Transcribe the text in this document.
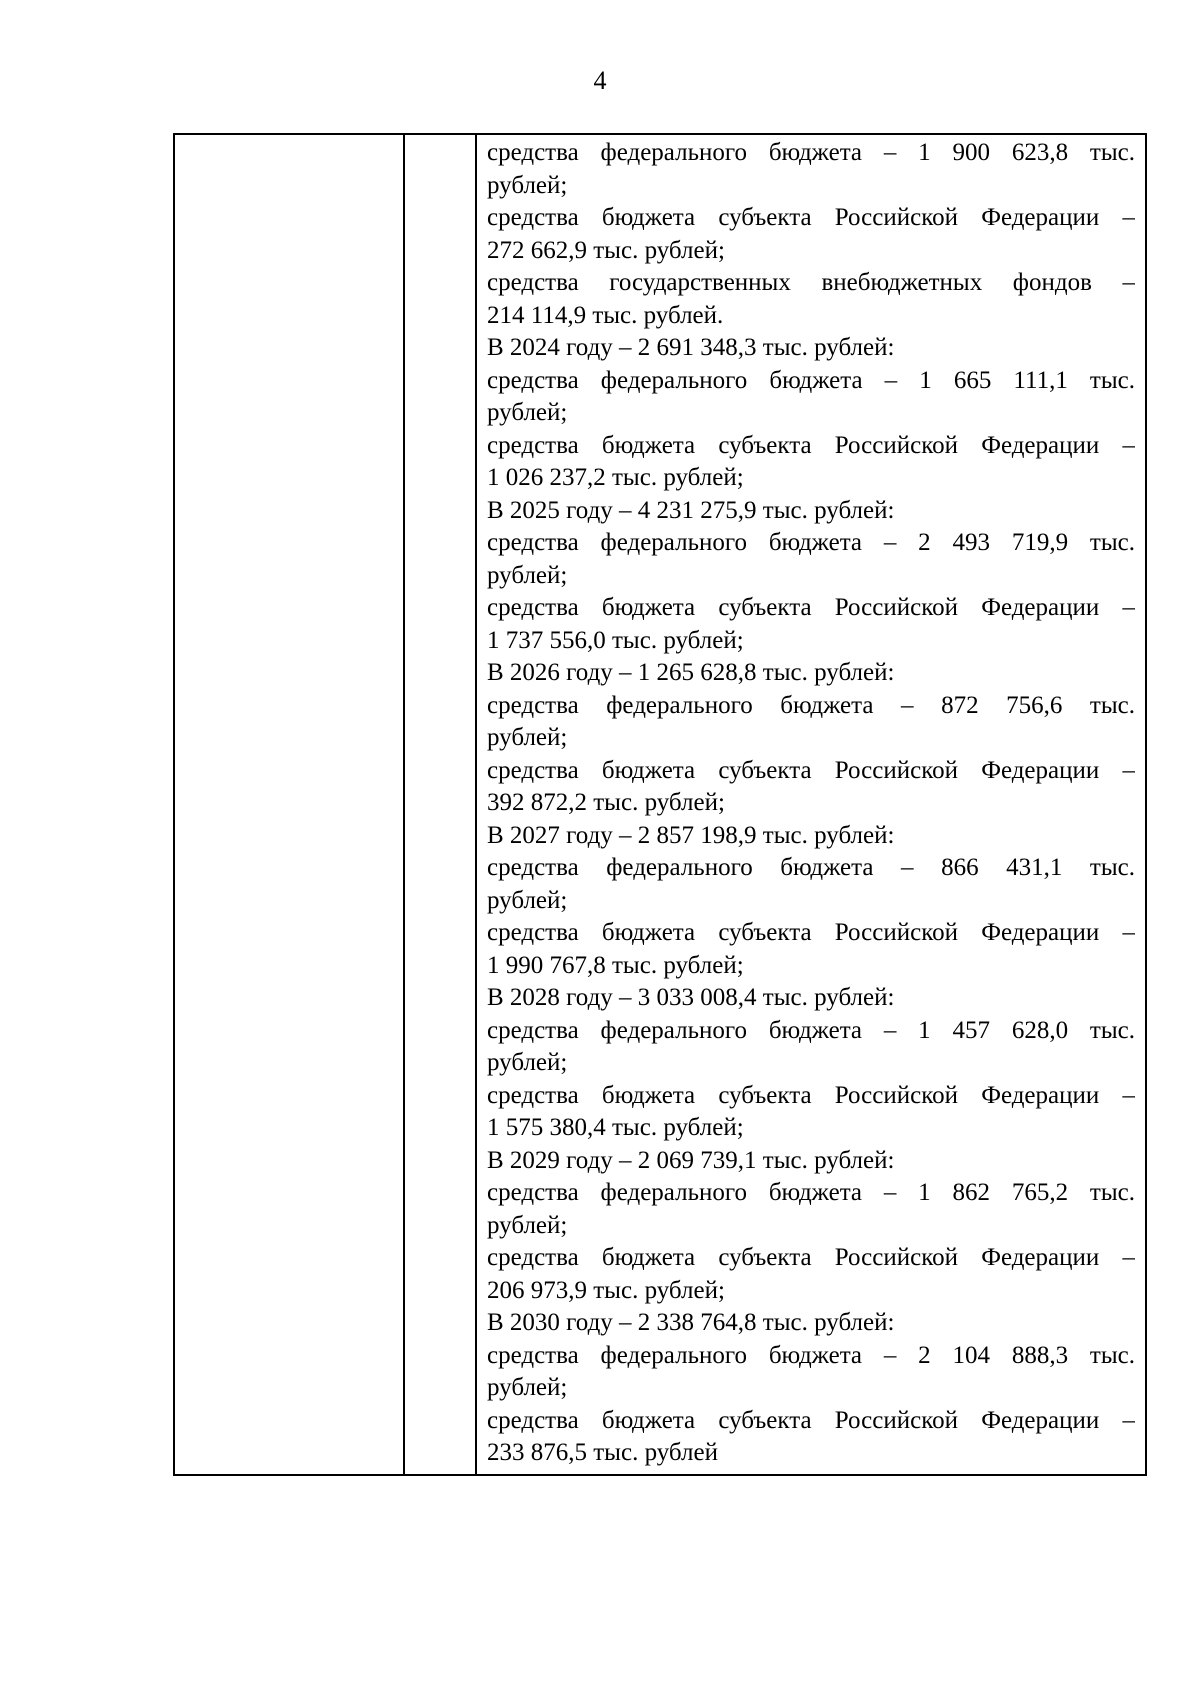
4

средства федерального бюджета – 1 900 623,8 тыс.
рублей;
средства бюджета субъекта Российской Федерации –
272 662,9 тыс. рублей;
средства государственных внебюджетных фондов –
214 114,9 тыс. рублей.
В 2024 году – 2 691 348,3 тыс. рублей:
средства федерального бюджета – 1 665 111,1 тыс.
рублей;
средства бюджета субъекта Российской Федерации –
1 026 237,2 тыс. рублей;
В 2025 году – 4 231 275,9 тыс. рублей:
средства федерального бюджета – 2 493 719,9 тыс.
рублей;
средства бюджета субъекта Российской Федерации –
1 737 556,0 тыс. рублей;
В 2026 году – 1 265 628,8 тыс. рублей:
средства федерального бюджета – 872 756,6 тыс.
рублей;
средства бюджета субъекта Российской Федерации –
392 872,2 тыс. рублей;
В 2027 году – 2 857 198,9 тыс. рублей:
средства федерального бюджета – 866 431,1 тыс.
рублей;
средства бюджета субъекта Российской Федерации –
1 990 767,8 тыс. рублей;
В 2028 году – 3 033 008,4 тыс. рублей:
средства федерального бюджета – 1 457 628,0 тыс.
рублей;
средства бюджета субъекта Российской Федерации –
1 575 380,4 тыс. рублей;
В 2029 году – 2 069 739,1 тыс. рублей:
средства федерального бюджета – 1 862 765,2 тыс.
рублей;
средства бюджета субъекта Российской Федерации –
206 973,9 тыс. рублей;
В 2030 году – 2 338 764,8 тыс. рублей:
средства федерального бюджета – 2 104 888,3 тыс.
рублей;
средства бюджета субъекта Российской Федерации –
233 876,5 тыс. рублей
